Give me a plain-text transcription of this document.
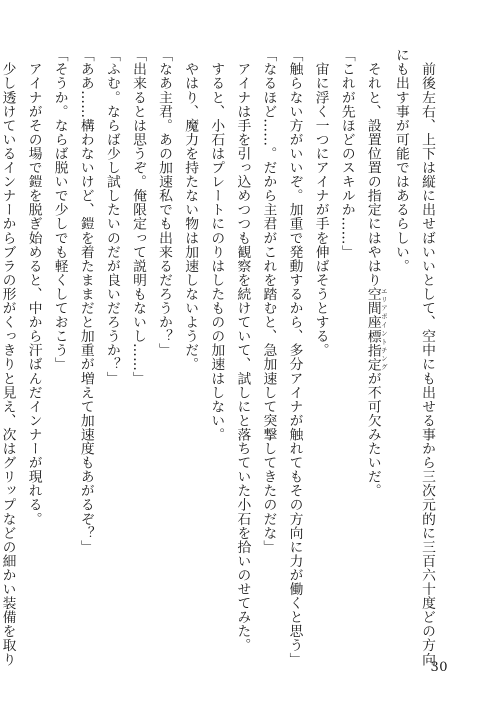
　前後左右、上下は縦に出せばいいとして、空中にも出せる事から三次元的に三百六十度どの方向
にも出す事が可能ではあるらしい。
　それと、設置位置の指定にはやはり空間座標指定 エリアポイントチングが不可欠みたいだ。
「これが先ほどのスキルか……」
　宙に浮く一つにアイナが手を伸ばそうとする。
「触らない方がいいぞ。加重で発動するから、多分アイナが触れてもその方向に力が働くと思う」
「なるほど……。だから主君がこれを踏むと、急加速して突撃してきたのだな」
　アイナは手を引っ込めつつも観察を続けていて、試しにと落ちていた小石を拾いのせてみた。
　すると、小石はプレートにのりはしたものの加速はしない。
　やはり、魔力を持たない物は加速しないようだ。
「なあ主君。あの加速私でも出来るだろうか？」
「出来るとは思うぞ。俺限定って説明もないし……」
「ふむ。ならば少し試したいのだが良いだろうか？」
「ああ……構わないけど、鎧を着たままだと加重が増えて加速度もあがるぞ？」
「そうか。ならば脱いで少しでも軽くしておこう」
　アイナがその場で鎧を脱ぎ始めると、中から汗ばんだインナーが現れる。
　少し透けているインナーからブラの形がくっきりと見え、次はグリップなどの細かい装備を取り
30
